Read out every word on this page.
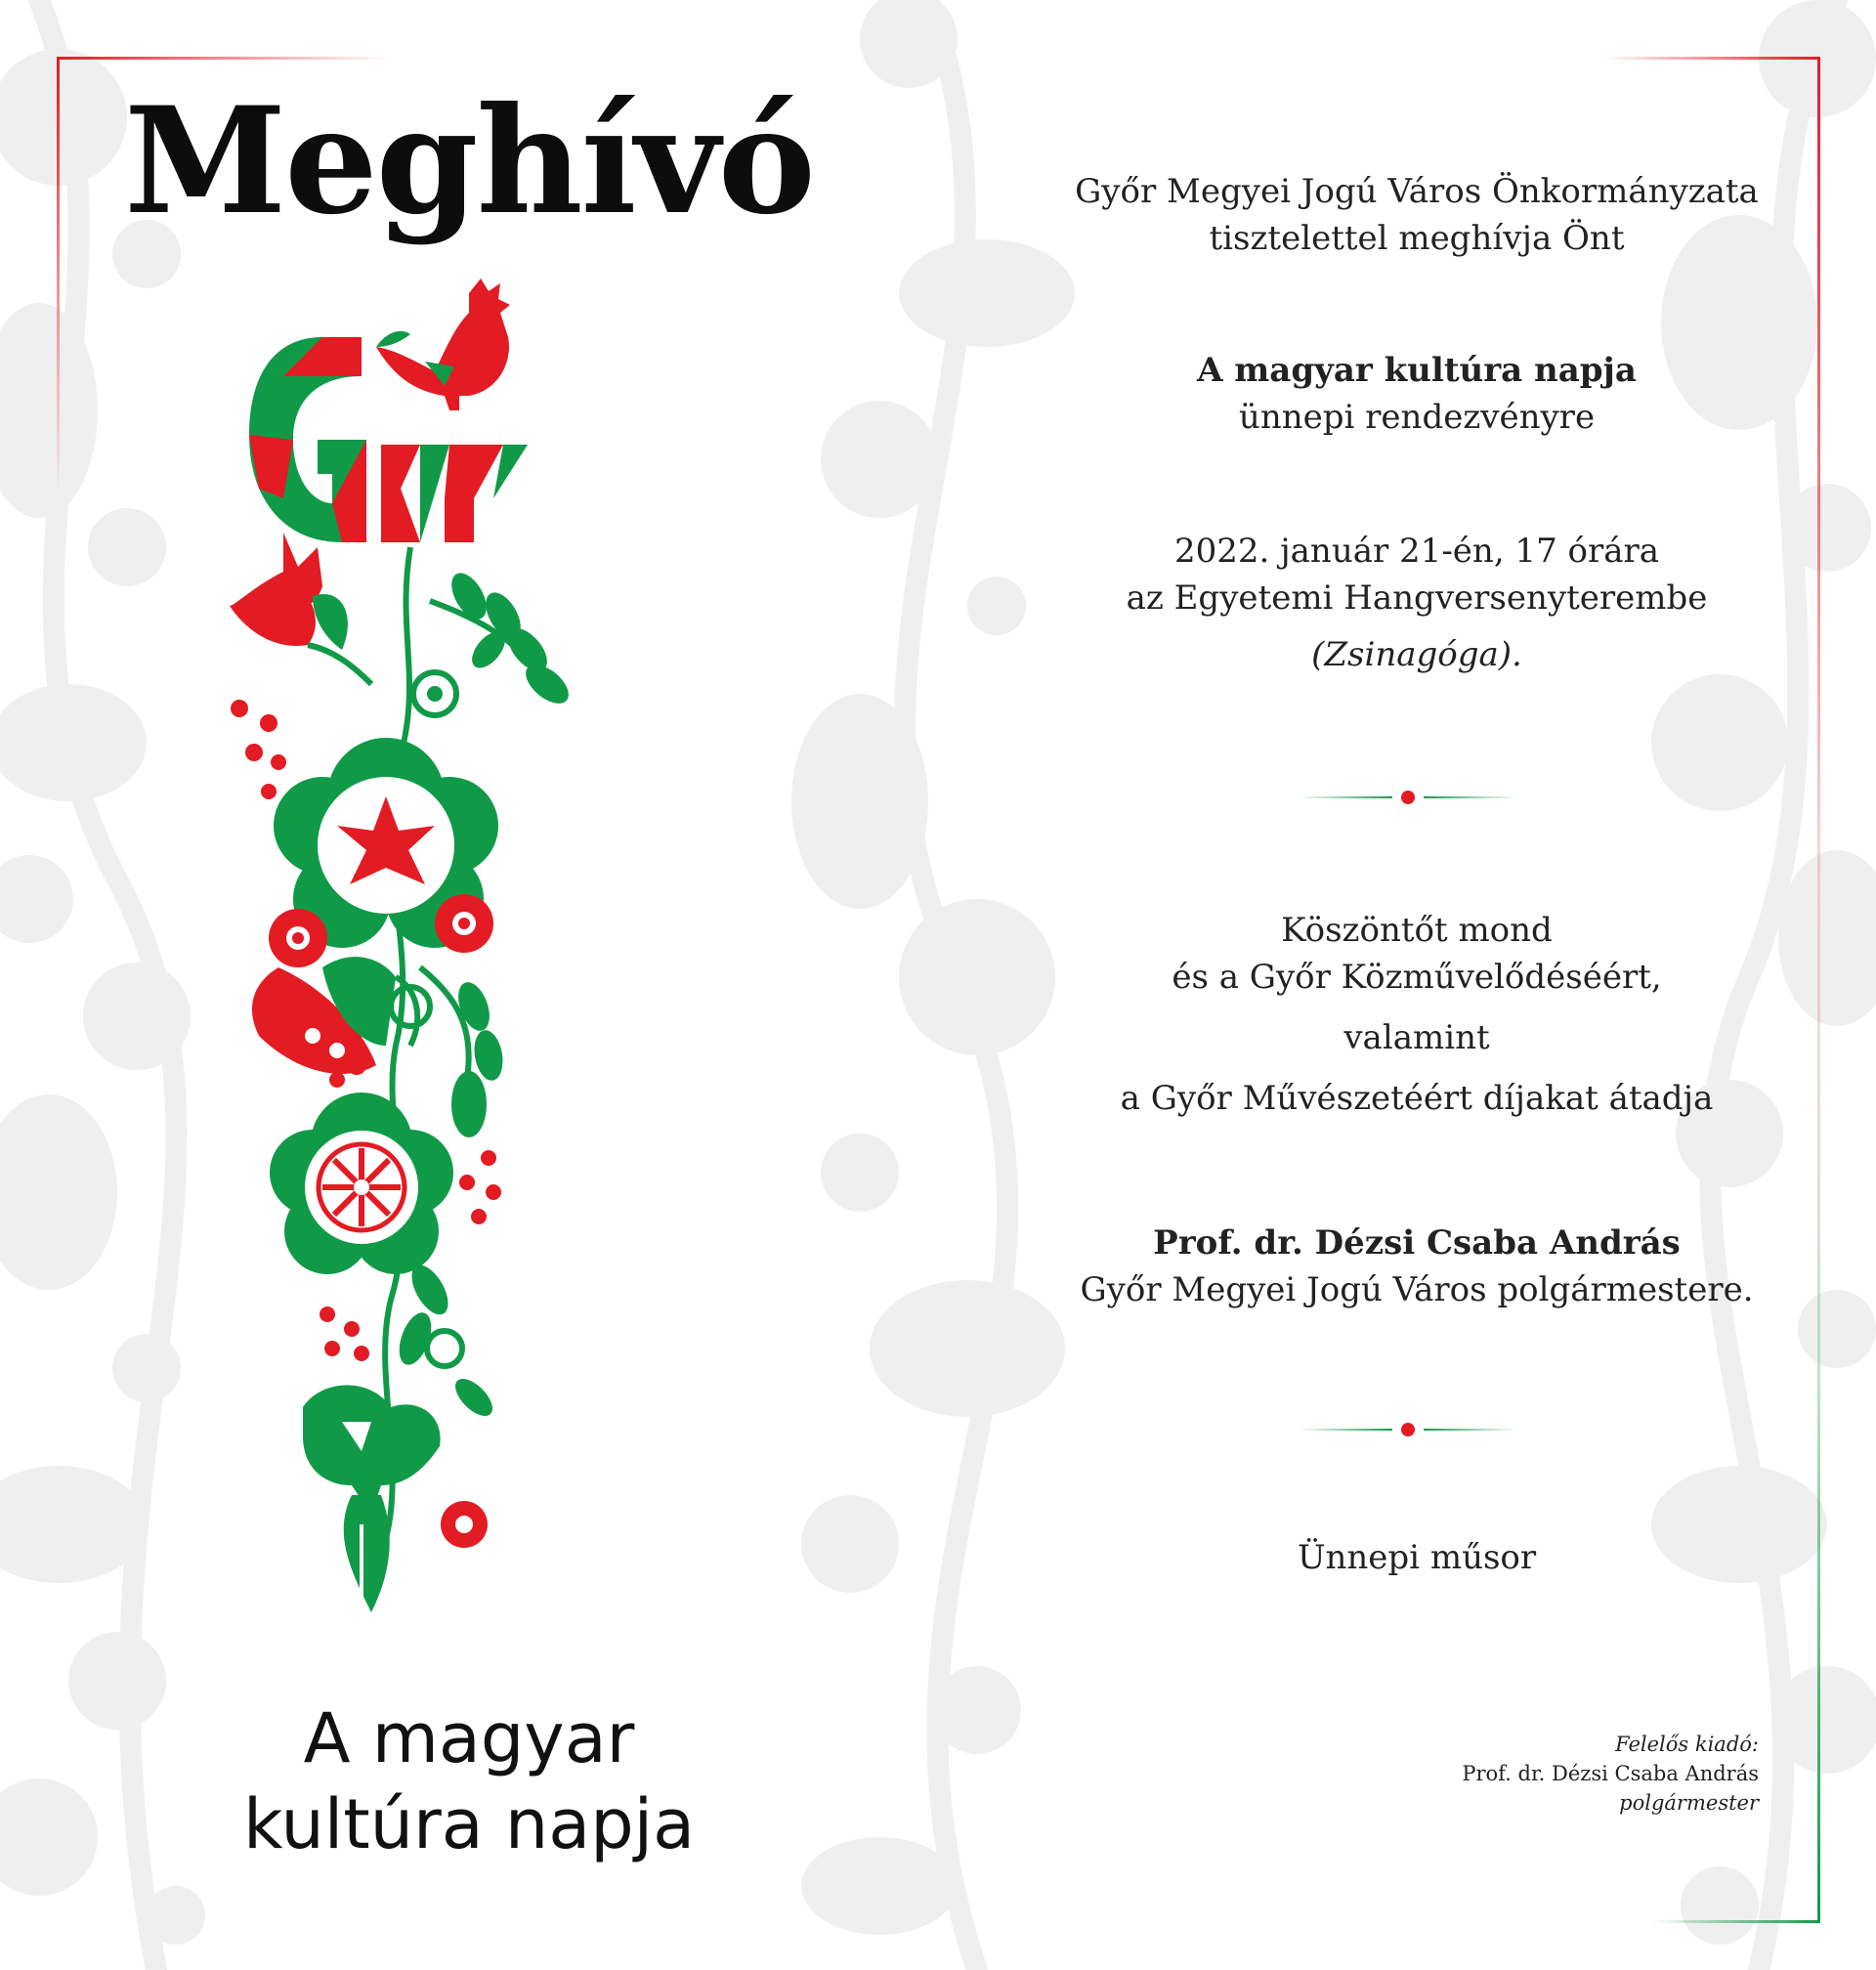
Meghívó
A magyar
kultúra napja
Győr Megyei Jogú Város Önkormányzata
tisztelettel meghívja Önt
A magyar kultúra napja
ünnepi rendezvényre
2022. január 21-én, 17 órára
az Egyetemi Hangversenyterembe
(Zsinagóga).
Köszöntőt mond
és a Győr Közművelődéséért,
valamint
a Győr Művészetéért díjakat átadja
Prof. dr. Dézsi Csaba András
Győr Megyei Jogú Város polgármestere.
Ünnepi műsor
Felelős kiadó:
Prof. dr. Dézsi Csaba András
polgármester
